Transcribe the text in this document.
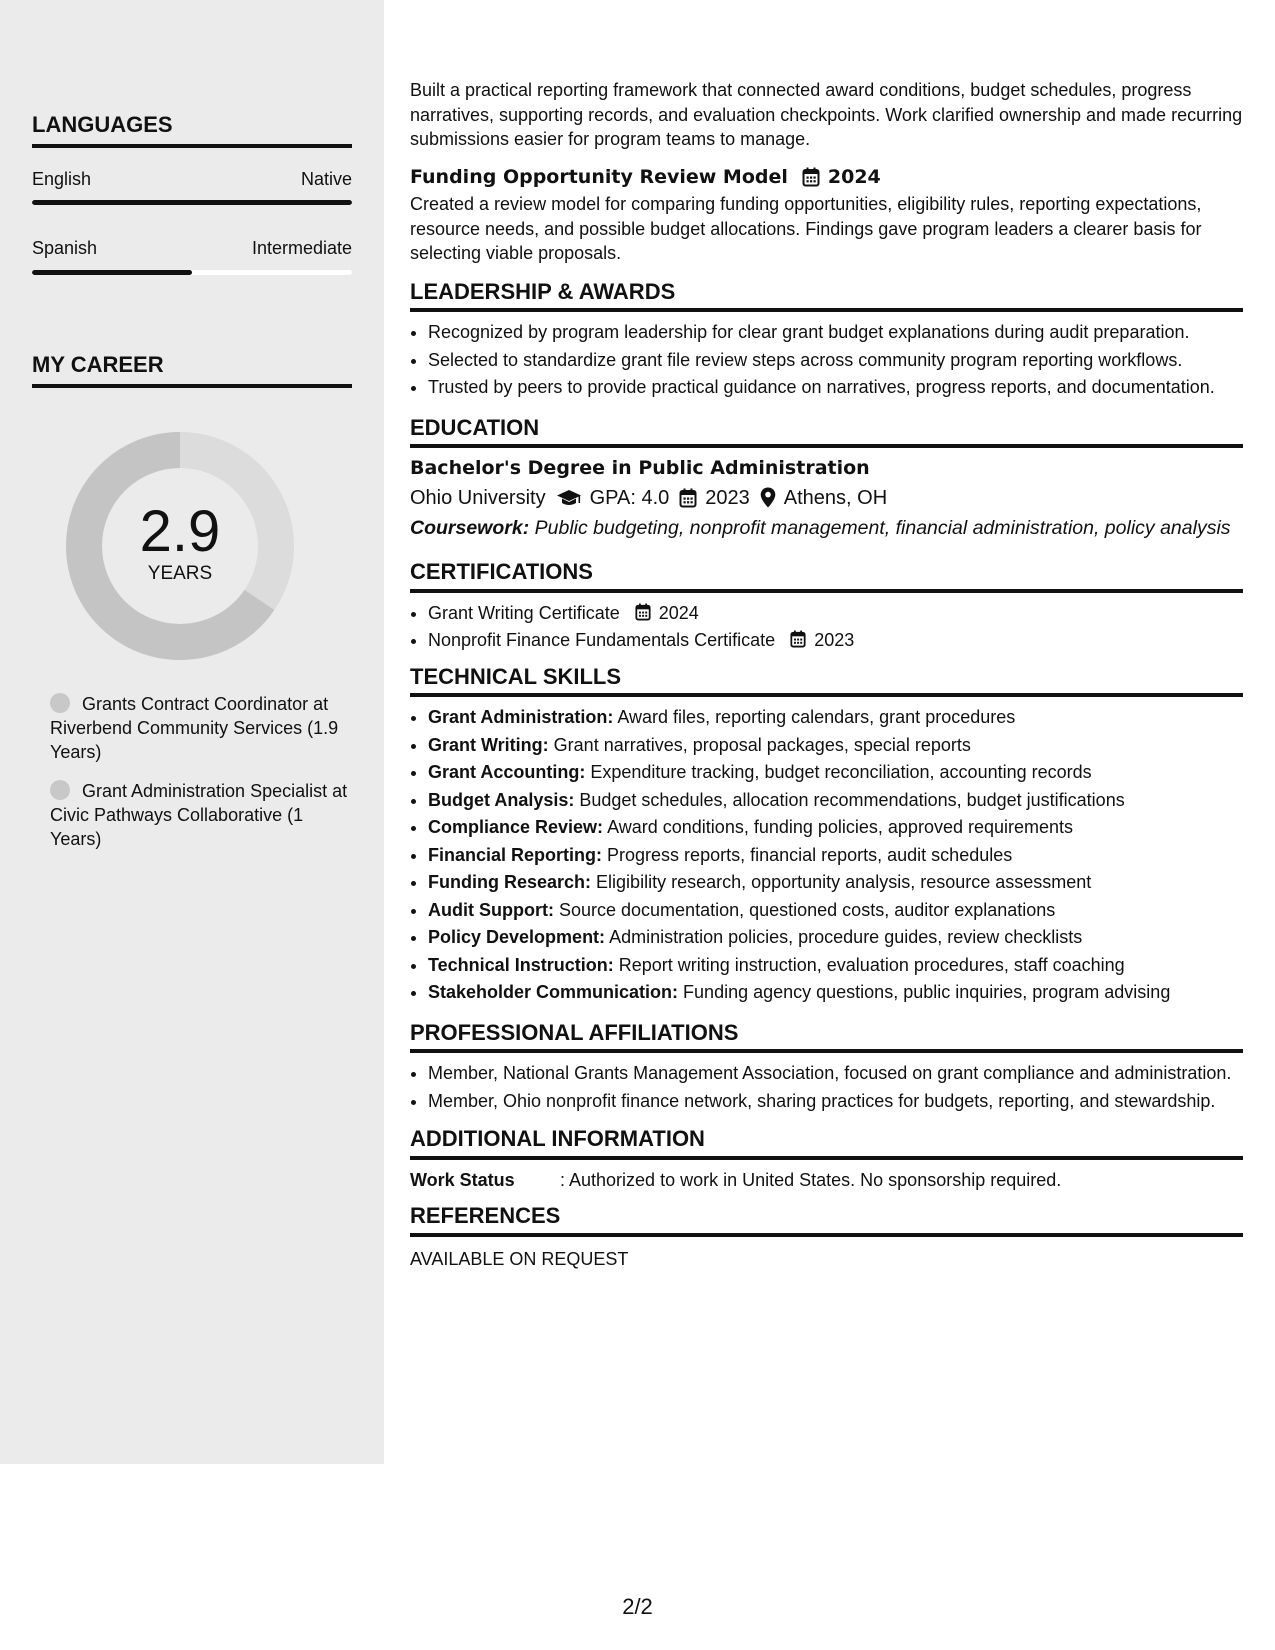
LANGUAGES
English	Native
Spanish	Intermediate
MY CAREER
2.9
YEARS
Grants Contract Coordinator at Riverbend Community Services (1.9 Years)
Grant Administration Specialist at Civic Pathways Collaborative (1 Years)

Built a practical reporting framework that connected award conditions, budget schedules, progress narratives, supporting records, and evaluation checkpoints. Work clarified ownership and made recurring submissions easier for program teams to manage.

Funding Opportunity Review Model 2024

Created a review model for comparing funding opportunities, eligibility rules, reporting expectations, resource needs, and possible budget allocations. Findings gave program leaders a clearer basis for selecting viable proposals.

LEADERSHIP & AWARDS
• Recognized by program leadership for clear grant budget explanations during audit preparation.
• Selected to standardize grant file review steps across community program reporting workflows.
• Trusted by peers to provide practical guidance on narratives, progress reports, and documentation.
EDUCATION
Bachelor's Degree in Public Administration
Ohio University GPA: 4.0 2023 Athens, OH
Coursework: Public budgeting, nonprofit management, financial administration, policy analysis
CERTIFICATIONS
• Grant Writing Certificate 2024
• Nonprofit Finance Fundamentals Certificate 2023
TECHNICAL SKILLS
• Grant Administration: Award files, reporting calendars, grant procedures
• Grant Writing: Grant narratives, proposal packages, special reports
• Grant Accounting: Expenditure tracking, budget reconciliation, accounting records
• Budget Analysis: Budget schedules, allocation recommendations, budget justifications
• Compliance Review: Award conditions, funding policies, approved requirements
• Financial Reporting: Progress reports, financial reports, audit schedules
• Funding Research: Eligibility research, opportunity analysis, resource assessment
• Audit Support: Source documentation, questioned costs, auditor explanations
• Policy Development: Administration policies, procedure guides, review checklists
• Technical Instruction: Report writing instruction, evaluation procedures, staff coaching
• Stakeholder Communication: Funding agency questions, public inquiries, program advising
PROFESSIONAL AFFILIATIONS
• Member, National Grants Management Association, focused on grant compliance and administration.
• Member, Ohio nonprofit finance network, sharing practices for budgets, reporting, and stewardship.
ADDITIONAL INFORMATION
Work Status	: Authorized to work in United States. No sponsorship required.
REFERENCES
AVAILABLE ON REQUEST
2/2
